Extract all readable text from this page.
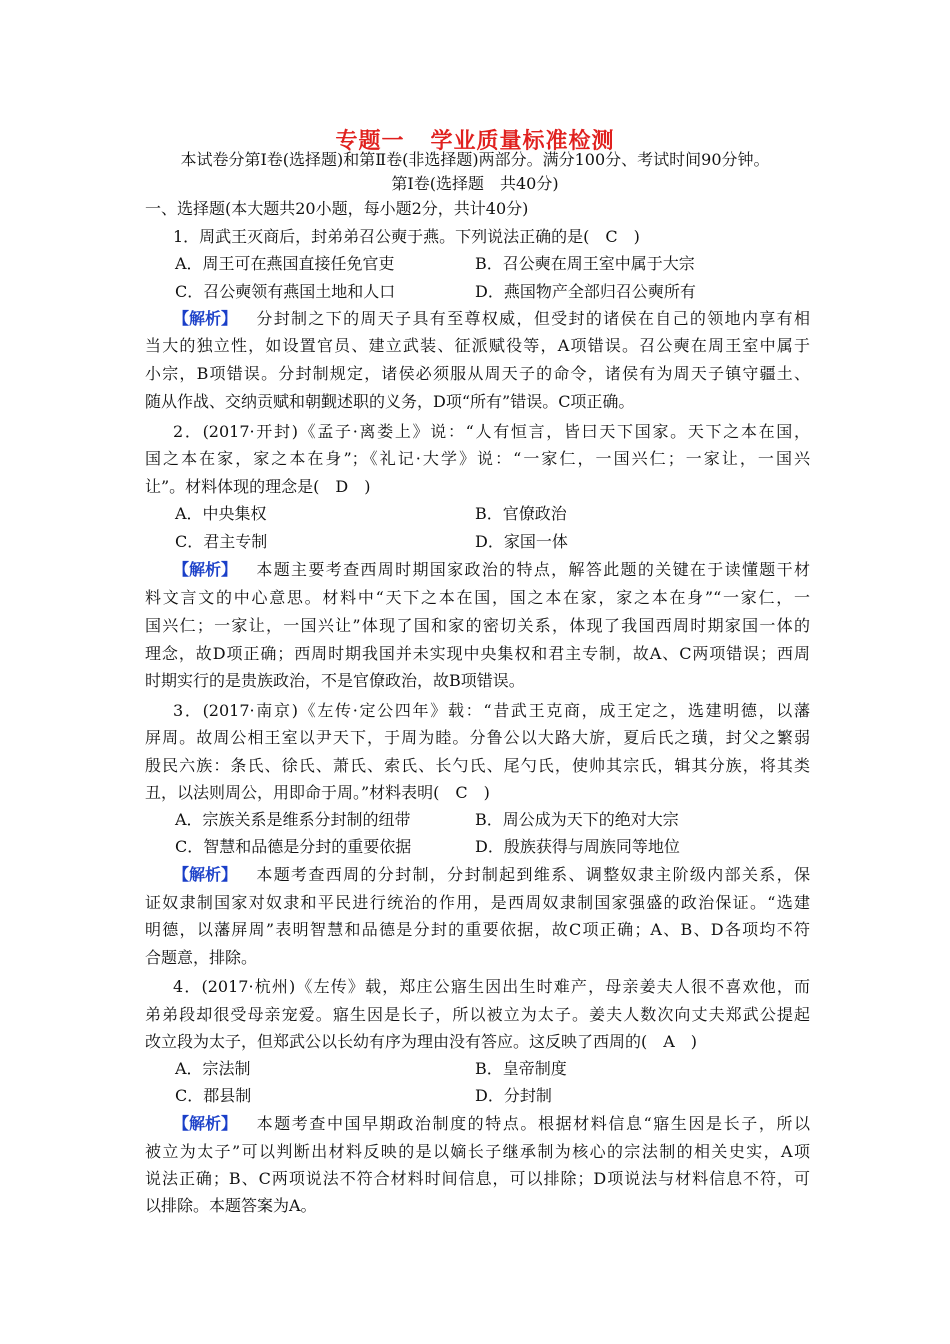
专题一 学业质量标准检测
本试卷分第Ⅰ卷(选择题)和第Ⅱ卷(非选择题)两部分。满分100分、考试时间90分钟。
第Ⅰ卷(选择题　共40分)
一、选择题(本大题共20小题，每小题2分，共计40分)
1．周武王灭商后，封弟弟召公奭于燕。下列说法正确的是(　C　)
A．周王可在燕国直接任免官吏	B．召公奭在周王室中属于大宗
C．召公奭领有燕国土地和人口	D．燕国物产全部归召公奭所有
【解析】 分封制之下的周天子具有至尊权威，但受封的诸侯在自己的领地内享有相
当大的独立性，如设置官员、建立武装、征派赋役等，A项错误。召公奭在周王室中属于
小宗，B项错误。分封制规定，诸侯必须服从周天子的命令，诸侯有为周天子镇守疆土、
随从作战、交纳贡赋和朝觐述职的义务，D项“所有”错误。C项正确。
2．(2017·开封)《孟子·离娄上》说：“人有恒言，皆曰天下国家。天下之本在国，
国之本在家，家之本在身”；《礼记·大学》说：“一家仁，一国兴仁；一家让，一国兴
让”。材料体现的理念是(　D　)
A．中央集权	B．官僚政治
C．君主专制	D．家国一体
【解析】 本题主要考查西周时期国家政治的特点，解答此题的关键在于读懂题干材
料文言文的中心意思。材料中“天下之本在国，国之本在家，家之本在身”“一家仁，一
国兴仁；一家让，一国兴让”体现了国和家的密切关系，体现了我国西周时期家国一体的
理念，故D项正确；西周时期我国并未实现中央集权和君主专制，故A、C两项错误；西周
时期实行的是贵族政治，不是官僚政治，故B项错误。
3．(2017·南京)《左传·定公四年》载：“昔武王克商，成王定之，选建明德，以藩
屏周。故周公相王室以尹天下，于周为睦。分鲁公以大路大旂，夏后氏之璜，封父之繁弱
殷民六族：条氏、徐氏、萧氏、索氏、长勺氏、尾勺氏，使帅其宗氏，辑其分族，将其类
丑，以法则周公，用即命于周。”材料表明(　C　)
A．宗族关系是维系分封制的纽带	B．周公成为天下的绝对大宗
C．智慧和品德是分封的重要依据	D．殷族获得与周族同等地位
【解析】 本题考查西周的分封制，分封制起到维系、调整奴隶主阶级内部关系，保
证奴隶制国家对奴隶和平民进行统治的作用，是西周奴隶制国家强盛的政治保证。“选建
明德，以藩屏周”表明智慧和品德是分封的重要依据，故C项正确；A、B、D各项均不符
合题意，排除。
4．(2017·杭州)《左传》载，郑庄公寤生因出生时难产，母亲姜夫人很不喜欢他，而
弟弟段却很受母亲宠爱。寤生因是长子，所以被立为太子。姜夫人数次向丈夫郑武公提起
改立段为太子，但郑武公以长幼有序为理由没有答应。这反映了西周的(　A　)
A．宗法制	B．皇帝制度
C．郡县制	D．分封制
【解析】 本题考查中国早期政治制度的特点。根据材料信息“寤生因是长子，所以
被立为太子”可以判断出材料反映的是以嫡长子继承制为核心的宗法制的相关史实，A项
说法正确；B、C两项说法不符合材料时间信息，可以排除；D项说法与材料信息不符，可
以排除。本题答案为A。
